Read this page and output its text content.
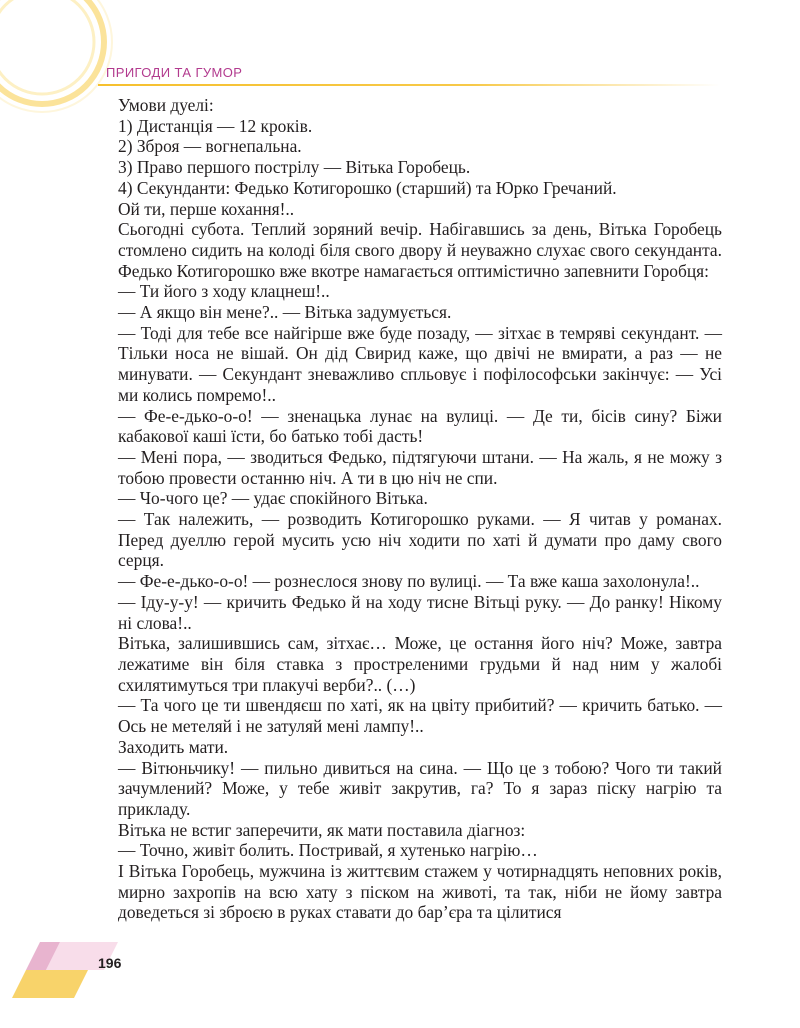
ПРИГОДИ ТА ГУМОР

Умови дуелі:

1) Дистанція — 12 кроків.

2) Зброя — вогнепальна.

3) Право першого пострілу — Вітька Горобець.

4) Секунданти: Федько Котигорошко (старший) та Юрко Гречаний.

Ой ти, перше кохання!..

Сьогодні субота. Теплий зоряний вечір. Набігавшись за день, Вітька Горобець стомлено сидить на колоді біля свого двору й неуважно слухає свого секунданта. Федько Котигорошко вже вкотре намагається оптимістично запевнити Горобця:

— Ти його з ходу клацнеш!..

— А якщо він мене?.. — Вітька задумується.

— Тоді для тебе все найгірше вже буде позаду, — зітхає в темряві секундант. — Тільки носа не вішай. Он дід Свирид каже, що двічі не вмирати, а раз — не минувати. — Секундант зневажливо спльовує і пофілософськи закінчує: — Усі ми колись помремо!..

— Фе-е-дько-о-о! — зненацька лунає на вулиці. — Де ти, бісів сину? Біжи кабакової каші їсти, бо батько тобі дасть!

— Мені пора, — зводиться Федько, підтягуючи штани. — На жаль, я не можу з тобою провести останню ніч. А ти в цю ніч не спи.

— Чо-чого це? — удає спокійного Вітька.

— Так належить, — розводить Котигорошко руками. — Я читав у романах. Перед дуеллю герой мусить усю ніч ходити по хаті й думати про даму свого серця.

— Фе-е-дько-о-о! — рознеслося знову по вулиці. — Та вже каша захолонула!..

— Іду-у-у! — кричить Федько й на ходу тисне Вітьці руку. — До ранку! Нікому ні слова!..

Вітька, залишившись сам, зітхає… Може, це остання його ніч? Може, завтра лежатиме він біля ставка з простреленими грудьми й над ним у жалобі схилятимуться три плакучі верби?.. (…)

— Та чого це ти швендяєш по хаті, як на цвіту прибитий? — кричить батько. — Ось не метеляй і не затуляй мені лампу!..

Заходить мати.

— Вітюньчику! — пильно дивиться на сина. — Що це з тобою? Чого ти такий зачумлений? Може, у тебе живіт закрутив, га? То я зараз піску нагрію та прикладу.

Вітька не встиг заперечити, як мати поставила діагноз:

— Точно, живіт болить. Постривай, я хутенько нагрію…

І Вітька Горобець, мужчина із життєвим стажем у чотирнадцять неповних років, мирно захропів на всю хату з піском на животі, та так, ніби не йому завтра доведеться зі зброєю в руках ставати до бар’єра та цілитися

196
